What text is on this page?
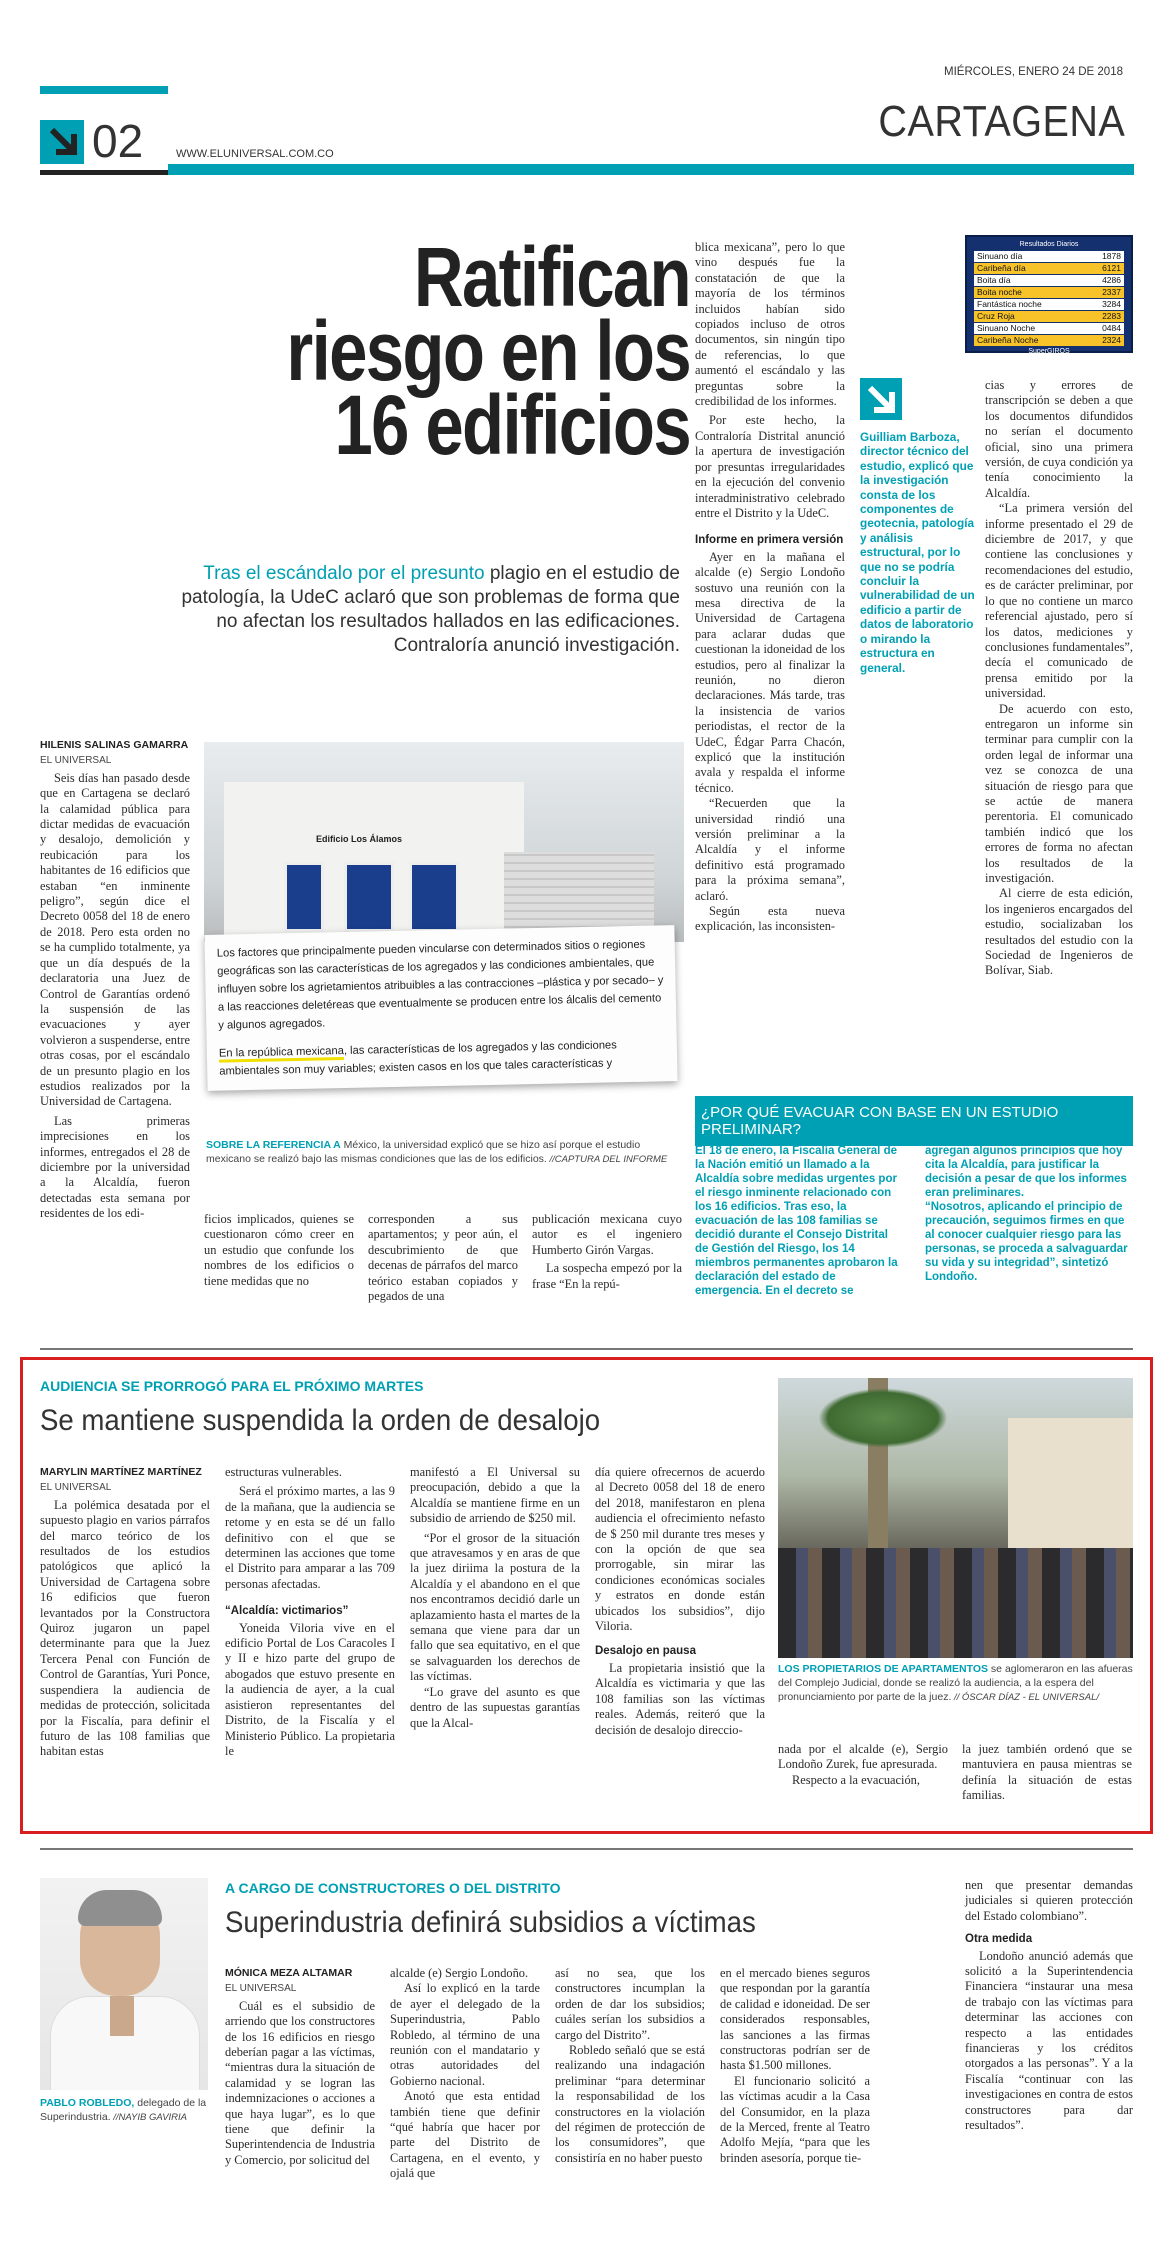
MIÉRCOLES, ENERO 24 DE 2018
CARTAGENA
02	WWW.ELUNIVERSAL.COM.CO
Resultados Diarios
Sinuano día	1878
Caribeña día	6121
Boita día	4286
Boita noche	2337
Fantástica noche	3284
Cruz Roja	2283
Sinuano Noche	0484
Caribeña Noche	2324
SuperGIROS
Ratifican
riesgo en los
16 edificios
Tras el escándalo por el presunto plagio en el estudio de patología, la UdeC aclaró que son problemas de forma que no afectan los resultados hallados en las edificaciones. Contraloría anunció investigación.
HILENIS SALINAS GAMARRA
EL UNIVERSAL

Seis días han pasado desde que en Cartagena se declaró la calamidad pública para dictar medidas de evacuación y desalojo, demolición y reubicación para los habitantes de 16 edificios que estaban “en inminente peligro”, según dice el Decreto 0058 del 18 de enero de 2018. Pero esta orden no se ha cumplido totalmente, ya que un día después de la declaratoria una Juez de Control de Garantías ordenó la suspensión de las evacuaciones y ayer volvieron a suspenderse, entre otras cosas, por el escándalo de un presunto plagio en los estudios realizados por la Universidad de Cartagena.

Las primeras imprecisiones en los informes, entregados el 28 de diciembre por la universidad a la Alcaldía, fueron detectadas esta semana por residentes de los edi-

Edificio Los Álamos
Los factores que principalmente pueden vincularse con determinados sitios o regiones geográficas son las características de los agregados y las condiciones ambientales, que influyen sobre los agrietamientos atribuibles a las contracciones –plástica y por secado– y a las reacciones deletéreas que eventualmente se producen entre los álcalis del cemento y algunos agregados.
En la república mexicana, las características de los agregados y las condiciones ambientales son muy variables; existen casos en los que tales características y
SOBRE LA REFERENCIA A México, la universidad explicó que se hizo así porque el estudio mexicano se realizó bajo las mismas condiciones que las de los edificios. //CAPTURA DEL INFORME

ficios implicados, quienes se cuestionaron cómo creer en un estudio que confunde los nombres de los edificios o tiene medidas que no

corresponden a sus apartamentos; y peor aún, el descubrimiento de que decenas de párrafos del marco teórico estaban copiados y pegados de una

publicación mexicana cuyo autor es el ingeniero Humberto Girón Vargas.

La sospecha empezó por la frase “En la repú-

blica mexicana”, pero lo que vino después fue la constatación de que la mayoría de los términos incluidos habían sido copiados incluso de otros documentos, sin ningún tipo de referencias, lo que aumentó el escándalo y las preguntas sobre la credibilidad de los informes.

Por este hecho, la Contraloría Distrital anunció la apertura de investigación por presuntas irregularidades en la ejecución del convenio interadministrativo celebrado entre el Distrito y la UdeC.

Informe en primera versión

Ayer en la mañana el alcalde (e) Sergio Londoño sostuvo una reunión con la mesa directiva de la Universidad de Cartagena para aclarar dudas que cuestionan la idoneidad de los estudios, pero al finalizar la reunión, no dieron declaraciones. Más tarde, tras la insistencia de varios periodistas, el rector de la UdeC, Édgar Parra Chacón, explicó que la institución avala y respalda el informe técnico.

“Recuerden que la universidad rindió una versión preliminar a la Alcaldía y el informe definitivo está programado para la próxima semana”, aclaró.

Según esta nueva explicación, las inconsisten-

Guilliam Barboza, director técnico del estudio, explicó que la investigación consta de los componentes de geotecnia, patología y análisis estructural, por lo que no se podría concluir la vulnerabilidad de un edificio a partir de datos de laboratorio o mirando la estructura en general.

cias y errores de transcripción se deben a que los documentos difundidos no serían el documento oficial, sino una primera versión, de cuya condición ya tenía conocimiento la Alcaldía.

“La primera versión del informe presentado el 29 de diciembre de 2017, y que contiene las conclusiones y recomendaciones del estudio, es de carácter preliminar, por lo que no contiene un marco referencial ajustado, pero sí los datos, mediciones y conclusiones fundamentales”, decía el comunicado de prensa emitido por la universidad.

De acuerdo con esto, entregaron un informe sin terminar para cumplir con la orden legal de informar una vez se conozca de una situación de riesgo para que se actúe de manera perentoria. El comunicado también indicó que los errores de forma no afectan los resultados de la investigación.

Al cierre de esta edición, los ingenieros encargados del estudio, socializaban los resultados del estudio con la Sociedad de Ingenieros de Bolívar, Siab.

¿POR QUÉ EVACUAR CON BASE EN UN ESTUDIO PRELIMINAR?
El 18 de enero, la Fiscalía General de la Nación emitió un llamado a la Alcaldía sobre medidas urgentes por el riesgo inminente relacionado con los 16 edificios. Tras eso, la evacuación de las 108 familias se decidió durante el Consejo Distrital de Gestión del Riesgo, los 14 miembros permanentes aprobaron la declaración del estado de emergencia. En el decreto se
agregan algunos principios que hoy cita la Alcaldía, para justificar la decisión a pesar de que los informes eran preliminares.
“Nosotros, aplicando el principio de precaución, seguimos firmes en que al conocer cualquier riesgo para las personas, se proceda a salvaguardar su vida y su integridad”, sintetizó Londoño.
AUDIENCIA SE PRORROGÓ PARA EL PRÓXIMO MARTES
Se mantiene suspendida la orden de desalojo
MARYLIN MARTÍNEZ MARTÍNEZ
EL UNIVERSAL

La polémica desatada por el supuesto plagio en varios párrafos del marco teórico de los resultados de los estudios patológicos que aplicó la Universidad de Cartagena sobre 16 edificios que fueron levantados por la Constructora Quiroz jugaron un papel determinante para que la Juez Tercera Penal con Función de Control de Garantías, Yuri Ponce, suspendiera la audiencia de medidas de protección, solicitada por la Fiscalía, para definir el futuro de las 108 familias que habitan estas

estructuras vulnerables.

Será el próximo martes, a las 9 de la mañana, que la audiencia se retome y en esta se dé un fallo definitivo con el que se determinen las acciones que tome el Distrito para amparar a las 709 personas afectadas.

“Alcaldía: victimarios”

Yoneida Viloria vive en el edificio Portal de Los Caracoles I y II e hizo parte del grupo de abogados que estuvo presente en la audiencia de ayer, a la cual asistieron representantes del Distrito, de la Fiscalía y el Ministerio Público. La propietaria le

manifestó a El Universal su preocupación, debido a que la Alcaldía se mantiene firme en un subsidio de arriendo de $250 mil.

“Por el grosor de la situación que atravesamos y en aras de que la juez diriima la postura de la Alcaldía y el abandono en el que nos encontramos decidió darle un aplazamiento hasta el martes de la semana que viene para dar un fallo que sea equitativo, en el que se salvaguarden los derechos de las víctimas.

“Lo grave del asunto es que dentro de las supuestas garantías que la Alcal-

día quiere ofrecernos de acuerdo al Decreto 0058 del 18 de enero del 2018, manifestaron en plena audiencia el ofrecimiento nefasto de $ 250 mil durante tres meses y con la opción de que sea prorrogable, sin mirar las condiciones económicas sociales y estratos en donde están ubicados los subsidios”, dijo Viloria.

Desalojo en pausa

La propietaria insistió que la Alcaldía es victimaria y que las 108 familias son las víctimas reales. Además, reiteró que la decisión de desalojo direccio-

LOS PROPIETARIOS DE APARTAMENTOS se aglomeraron en las afueras del Complejo Judicial, donde se realizó la audiencia, a la espera del pronunciamiento por parte de la juez. // ÓSCAR DÍAZ - EL UNIVERSAL/

nada por el alcalde (e), Sergio Londoño Zurek, fue apresurada.

Respecto a la evacuación,

la juez también ordenó que se mantuviera en pausa mientras se definía la situación de estas familias.

PABLO ROBLEDO, delegado de la Superindustria. //NAYIB GAVIRIA
A CARGO DE CONSTRUCTORES O DEL DISTRITO
Superindustria definirá subsidios a víctimas
MÓNICA MEZA ALTAMAR
EL UNIVERSAL

Cuál es el subsidio de arriendo que los constructores de los 16 edificios en riesgo deberían pagar a las víctimas, “mientras dura la situación de calamidad y se logran las indemnizaciones o acciones a que haya lugar”, es lo que tiene que definir la Superintendencia de Industria y Comercio, por solicitud del

alcalde (e) Sergio Londoño.

Así lo explicó en la tarde de ayer el delegado de la Superindustria, Pablo Robledo, al término de una reunión con el mandatario y otras autoridades del Gobierno nacional.

Anotó que esta entidad también tiene que definir “qué habría que hacer por parte del Distrito de Cartagena, en el evento, y ojalá que

así no sea, que los constructores incumplan la orden de dar los subsidios; cuáles serían los subsidios a cargo del Distrito”.

Robledo señaló que se está realizando una indagación preliminar “para determinar la responsabilidad de los constructores en la violación del régimen de protección de los consumidores”, que consistiría en no haber puesto

en el mercado bienes seguros que respondan por la garantía de calidad e idoneidad. De ser considerados responsables, las sanciones a las firmas constructoras podrían ser de hasta $1.500 millones.

El funcionario solicitó a las víctimas acudir a la Casa del Consumidor, en la plaza de la Merced, frente al Teatro Adolfo Mejía, “para que les brinden asesoría, porque tie-

nen que presentar demandas judiciales si quieren protección del Estado colombiano”.

Otra medida

Londoño anunció además que solicitó a la Superintendencia Financiera “instaurar una mesa de trabajo con las víctimas para determinar las acciones con respecto a las entidades financieras y los créditos otorgados a las personas”. Y a la Fiscalía “continuar con las investigaciones en contra de estos constructores para dar resultados”.
